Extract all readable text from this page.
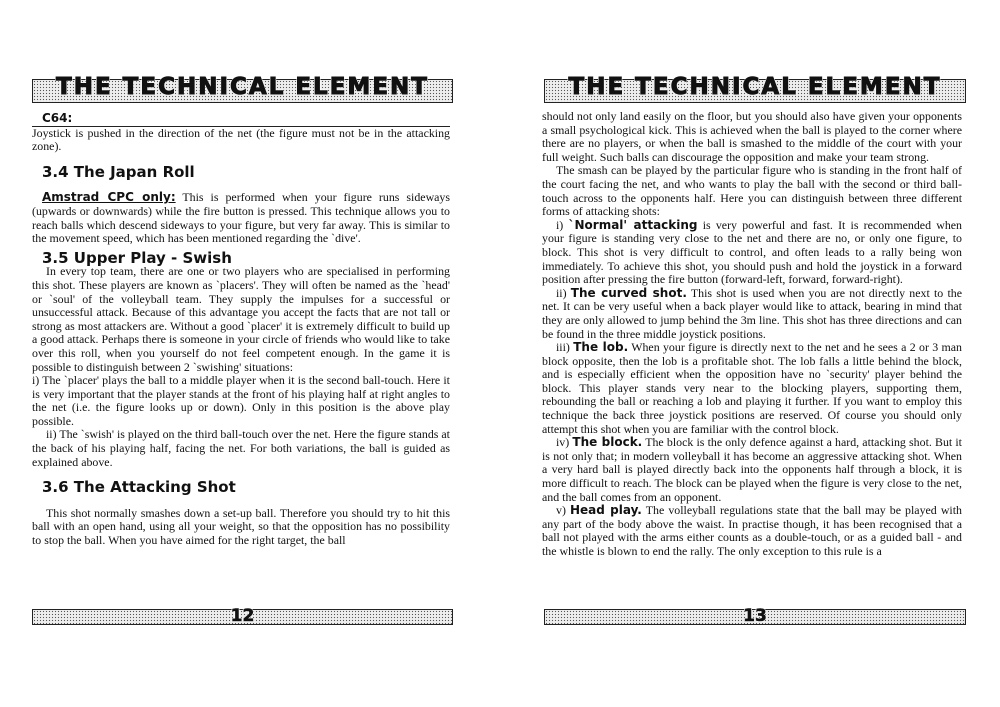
THE TECHNICAL ELEMENT
C64:

Joystick is pushed in the direction of the net (the figure must not be in the attacking zone).

3.4 The Japan Roll

Amstrad CPC only: This is performed when your figure runs sideways (upwards or downwards) while the fire button is pressed. This technique allows you to reach balls which descend sideways to your figure, but very far away. This is similar to the movement speed, which has been mentioned regarding the `dive'.

3.5 Upper Play - Swish

In every top team, there are one or two players who are specialised in performing this shot. These players are known as `placers'. They will often be named as the `head' or `soul' of the volleyball team. They supply the impulses for a successful or unsuccessful attack. Because of this advantage you accept the facts that are not tall or strong as most attackers are. Without a good `placer' it is extremely difficult to build up a good attack. Perhaps there is someone in your circle of friends who would like to take over this roll, when you yourself do not feel competent enough. In the game it is possible to distinguish between 2 `swishing' situations:

i) The `placer' plays the ball to a middle player when it is the second ball-touch. Here it is very important that the player stands at the front of his playing half at right angles to the net (i.e. the figure looks up or down). Only in this position is the above play possible.

ii) The `swish' is played on the third ball-touch over the net. Here the figure stands at the back of his playing half, facing the net. For both variations, the ball is guided as explained above.

3.6 The Attacking Shot

This shot normally smashes down a set-up ball. Therefore you should try to hit this ball with an open hand, using all your weight, so that the opposition has no possibility to stop the ball. When you have aimed for the right target, the ball

12
THE TECHNICAL ELEMENT

should not only land easily on the floor, but you should also have given your opponents a small psychological kick. This is achieved when the ball is played to the corner where there are no players, or when the ball is smashed to the middle of the court with your full weight. Such balls can discourage the opposition and make your team strong.

The smash can be played by the particular figure who is standing in the front half of the court facing the net, and who wants to play the ball with the second or third ball-touch across to the opponents half. Here you can distinguish between three different forms of attacking shots:

i) `Normal' attacking is very powerful and fast. It is recommended when your figure is standing very close to the net and there are no, or only one figure, to block. This shot is very difficult to control, and often leads to a rally being won immediately. To achieve this shot, you should push and hold the joystick in a forward position after pressing the fire button (forward-left, forward, forward-right).

ii) The curved shot. This shot is used when you are not directly next to the net. It can be very useful when a back player would like to attack, bearing in mind that they are only allowed to jump behind the 3m line. This shot has three directions and can be found in the three middle joystick positions.

iii) The lob. When your figure is directly next to the net and he sees a 2 or 3 man block opposite, then the lob is a profitable shot. The lob falls a little behind the block, and is especially efficient when the opposition have no `security' player behind the block. This player stands very near to the blocking players, supporting them, rebounding the ball or reaching a lob and playing it further. If you want to employ this technique the back three joystick positions are reserved. Of course you should only attempt this shot when you are familiar with the control block.

iv) The block. The block is the only defence against a hard, attacking shot. But it is not only that; in modern volleyball it has become an aggressive attacking shot. When a very hard ball is played directly back into the opponents half through a block, it is more difficult to reach. The block can be played when the figure is very close to the net, and the ball comes from an opponent.

v) Head play. The volleyball regulations state that the ball may be played with any part of the body above the waist. In practise though, it has been recognised that a ball not played with the arms either counts as a double-touch, or as a guided ball - and the whistle is blown to end the rally. The only exception to this rule is a

13
